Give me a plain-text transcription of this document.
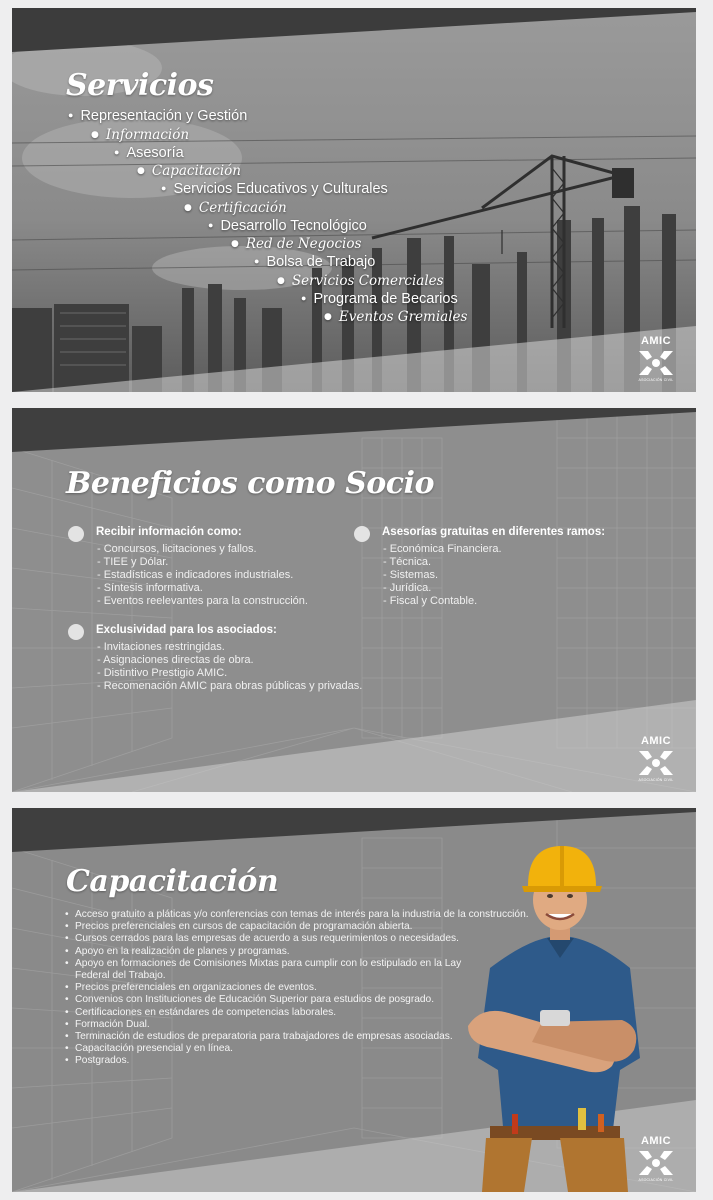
Servicios
● Representación y Gestión
● Información
● Asesoría
● Capacitación
● Servicios Educativos y Culturales
● Certificación
● Desarrollo Tecnológico
● Red de Negocios
● Bolsa de Trabajo
● Servicios Comerciales
● Programa de Becarios
● Eventos Gremiales
AMIC
ASOCIACIÓN CIVIL
Beneficios como Socio
Recibir información como:
- Concursos, licitaciones y fallos.
- TIEE y Dólar.
- Estadísticas e indicadores industriales.
- Síntesis informativa.
- Eventos reelevantes para la construcción.
Asesorías gratuitas en diferentes ramos:
- Económica Financiera.
- Técnica.
- Sistemas.
- Jurídica.
- Fiscal y Contable.
Exclusividad para los asociados:
- Invitaciones restringidas.
- Asignaciones directas de obra.
- Distintivo Prestigio AMIC.
- Recomenación AMIC para obras públicas y privadas.
AMIC
ASOCIACIÓN CIVIL
Capacitación
• Acceso gratuito a pláticas y/o conferencias con temas de interés para la industria de la construcción.
• Precios preferenciales en cursos de capacitación de programación abierta.
• Cursos cerrados para las empresas de acuerdo a sus requerimientos o necesidades.
• Apoyo en la realización de planes y programas.
• Apoyo en formaciones de Comisiones Mixtas para cumplir con lo estipulado en la Lay Federal del Trabajo.
• Precios preferenciales en organizaciones de eventos.
• Convenios con Instituciones de Educación Superior para estudios de posgrado.
• Certificaciones en estándares de competencias laborales.
• Formación Dual.
• Terminación de estudios de preparatoria para trabajadores de empresas asociadas.
• Capacitación presencial y en línea.
• Postgrados.
AMIC
ASOCIACIÓN CIVIL
